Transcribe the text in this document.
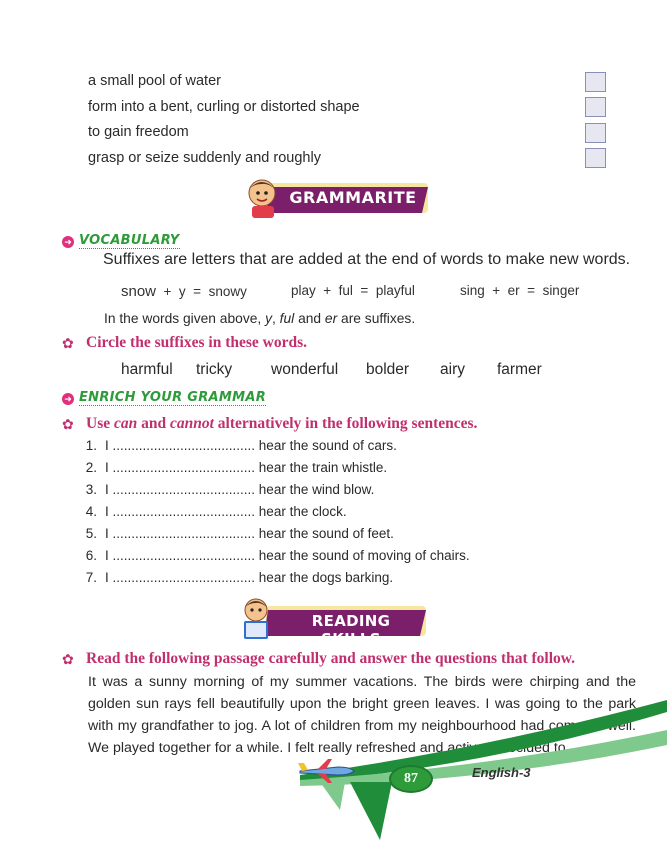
a small pool of water
form into a bent, curling or distorted shape
to gain freedom
grasp or seize suddenly and roughly
GRAMMARITE
➜ VOCABULARY
Suffixes are letters that are added at the end of words to make new words.
snow  +  y  =  snowy	play  +  ful  =  playful	sing  +  er  =  singer
In the words given above, y, ful and er are suffixes.
✿ Circle the suffixes in these words.
harmful tricky	wonderful bolder airy farmer
➜ ENRICH YOUR GRAMMAR
✿ Use can and cannot alternatively in the following sentences.
1. I ...................................... hear the sound of cars.
2. I ...................................... hear the train whistle.
3. I ...................................... hear the wind blow.
4. I ...................................... hear the clock.
5. I ...................................... hear the sound of feet.
6. I ...................................... hear the sound of moving of chairs.
7. I ...................................... hear the dogs barking.
READING SKILLS
✿ Read the following passage carefully and answer the questions that follow.
It was a sunny morning of my summer vacations. The birds were chirping and the golden sun rays fell beautifully upon the bright green leaves. I was going to the park with my grandfather to jog. A lot of children from my neighbourhood had come as well. We played together for a while. I felt really refreshed and active. I decided to
87	English-3
